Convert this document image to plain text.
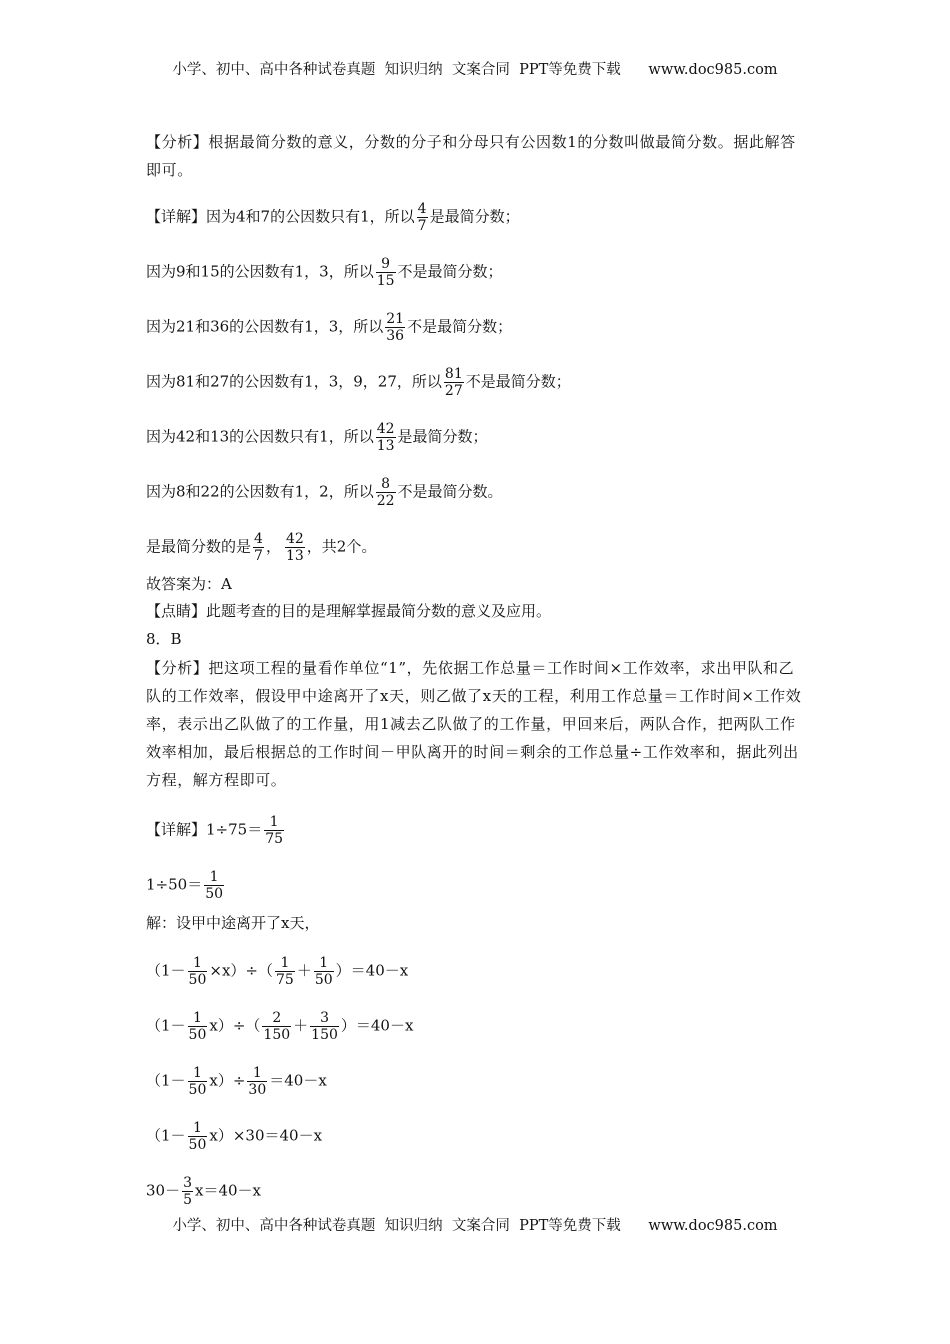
小学、初中、高中各种试卷真题  知识归纳  文案合同  PPT等免费下载      www.doc985.com
【分析】根据最简分数的意义，分数的分子和分母只有公因数1的分数叫做最简分数。据此解答即可。
【详解】因为4和7的公因数只有1，所以 $\frac{4}{7}$ 是最简分数；
因为9和15的公因数有1，3，所以 $\frac{9}{15}$ 不是最简分数；
因为21和36的公因数有1，3，所以 $\frac{21}{36}$ 不是最简分数；
因为81和27的公因数有1，3，9，27，所以 $\frac{81}{27}$ 不是最简分数；
因为42和13的公因数只有1，所以 $\frac{42}{13}$ 是最简分数；
因为8和22的公因数有1，2，所以 $\frac{8}{22}$ 不是最简分数。
是最简分数的是 $\frac{4}{7}$ ， $\frac{42}{13}$ ，共2个。
故答案为：A
【点睛】此题考查的目的是理解掌握最简分数的意义及应用。
8．B
【分析】把这项工程的量看作单位“1”，先依据工作总量＝工作时间×工作效率，求出甲队和乙队的工作效率，假设甲中途离开了x天，则乙做了x天的工程，利用工作总量＝工作时间×工作效率，表示出乙队做了的工作量，用1减去乙队做了的工作量，甲回来后，两队合作，把两队工作效率相加，最后根据总的工作时间－甲队离开的时间＝剩余的工作总量÷工作效率和，据此列出方程，解方程即可。
【详解】$1\div 75= \frac{1}{75}$
$1\div 50= \frac{1}{50}$
解：设甲中途离开了x天，
$(1- \frac{1}{50} \times x)\div( \frac{1}{75} + \frac{1}{50} )=40-x$
$(1- \frac{1}{50} x)\div( \frac{2}{150} + \frac{3}{150} )=40-x$
$(1- \frac{1}{50} x)\div \frac{1}{30} =40-x$
$(1- \frac{1}{50} x)\times 30=40-x$
$30- \frac{3}{5} x=40-x$
小学、初中、高中各种试卷真题  知识归纳  文案合同  PPT等免费下载      www.doc985.com
